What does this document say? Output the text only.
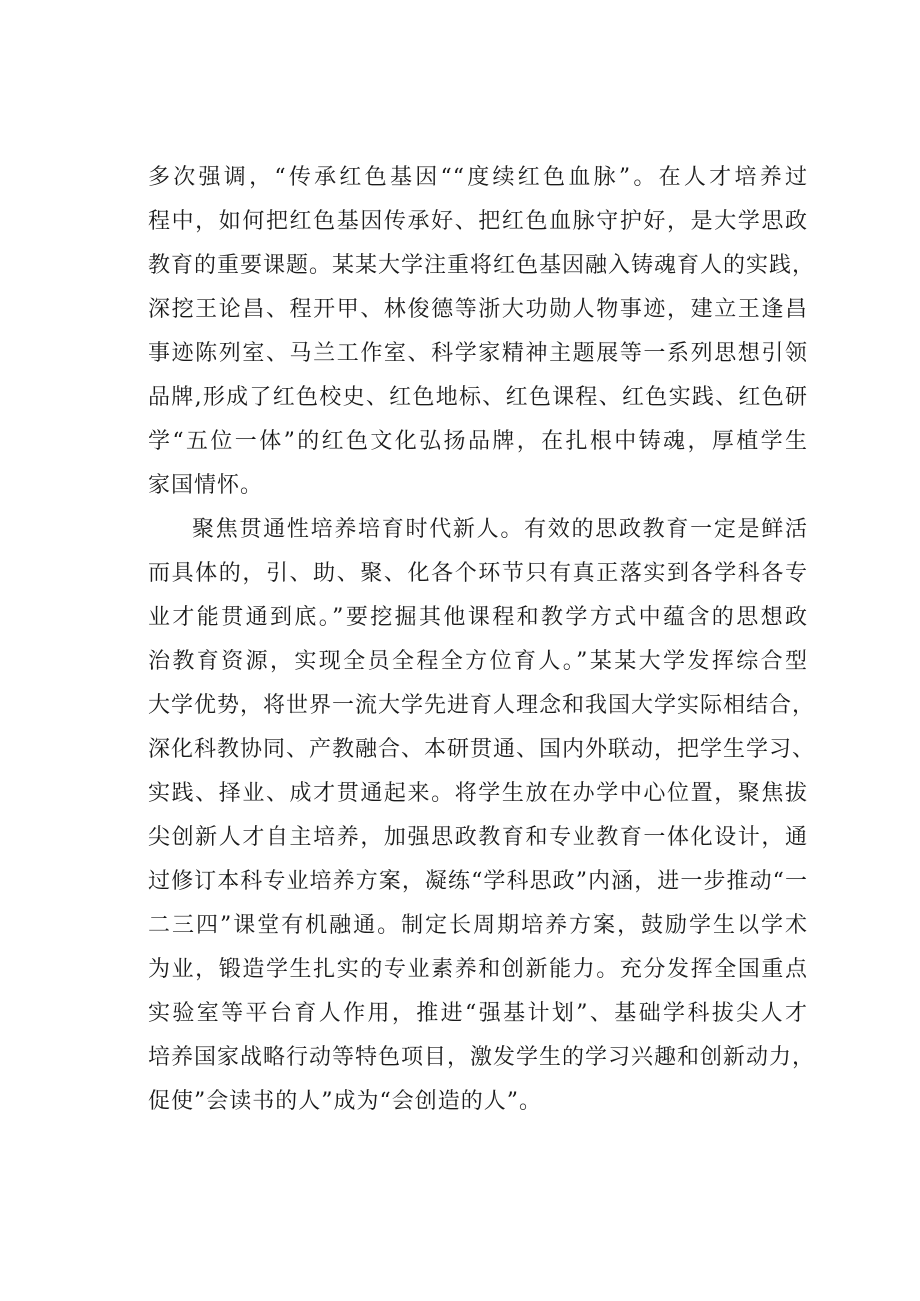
多次强调，“传承红色基因““度续红色血脉”。在人才培养过
程中，如何把红色基因传承好、把红色血脉守护好，是大学思政
教育的重要课题。某某大学注重将红色基因融入铸魂育人的实践，
深挖王论昌、程开甲、林俊德等浙大功勋人物事迹，建立王逢昌
事迹陈列室、马兰工作室、科学家精神主题展等一系列思想引领
品牌,形成了红色校史、红色地标、红色课程、红色实践、红色研
学“五位一体”的红色文化弘扬品牌，在扎根中铸魂，厚植学生
家国情怀。
聚焦贯通性培养培育时代新人。有效的思政教育一定是鲜活
而具体的，引、助、聚、化各个环节只有真正落实到各学科各专
业才能贯通到底。”要挖掘其他课程和教学方式中蕴含的思想政
治教育资源，实现全员全程全方位育人。”某某大学发挥综合型
大学优势，将世界一流大学先进育人理念和我国大学实际相结合，
深化科教协同、产教融合、本研贯通、国内外联动，把学生学习、
实践、择业、成才贯通起来。将学生放在办学中心位置，聚焦拔
尖创新人才自主培养，加强思政教育和专业教育一体化设计，通
过修订本科专业培养方案，凝练“学科思政”内涵，进一步推动“一
二三四”课堂有机融通。制定长周期培养方案，鼓励学生以学术
为业，锻造学生扎实的专业素养和创新能力。充分发挥全国重点
实验室等平台育人作用，推进“强基计划”、基础学科拔尖人才
培养国家战略行动等特色项目，激发学生的学习兴趣和创新动力，
促使”会读书的人”成为“会创造的人”。
